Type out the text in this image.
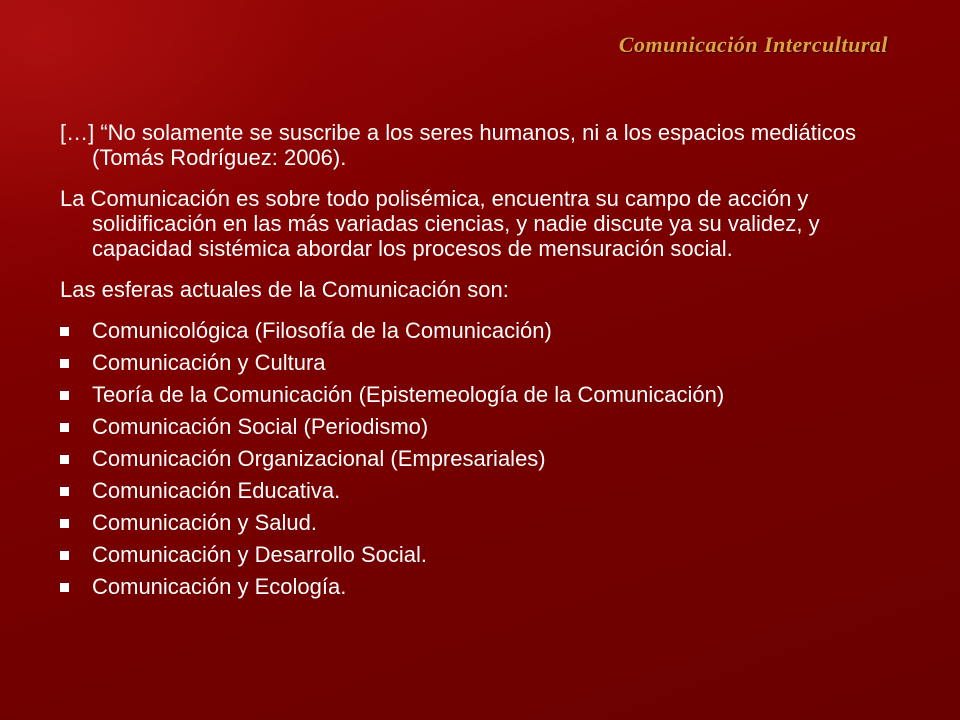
Comunicación Intercultural

[…] “No solamente se suscribe a los seres humanos, ni a los espacios mediáticos (Tomás Rodríguez: 2006).

La Comunicación es sobre todo polisémica, encuentra su campo de acción y solidificación en las más variadas ciencias, y nadie discute ya su validez, y capacidad sistémica abordar los procesos de mensuración social.

Las esferas actuales de la Comunicación son:

Comunicológica (Filosofía de la Comunicación)
Comunicación y Cultura
Teoría de la Comunicación (Epistemeología de la Comunicación)
Comunicación Social (Periodismo)
Comunicación Organizacional (Empresariales)
Comunicación Educativa.
Comunicación y Salud.
Comunicación y Desarrollo Social.
Comunicación y Ecología.
